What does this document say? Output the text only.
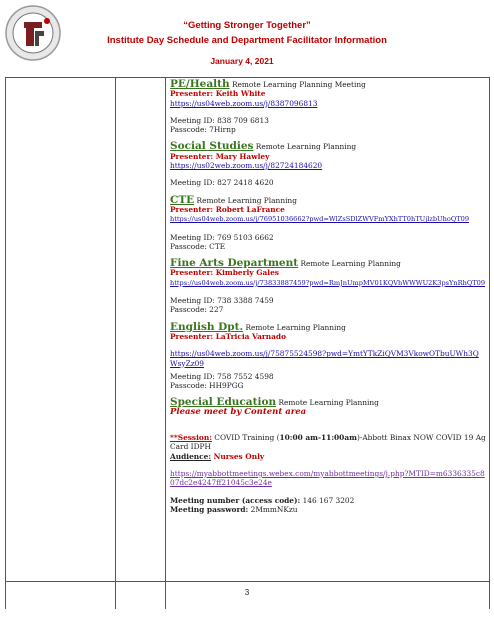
“Getting Stronger Together”
Institute Day Schedule and Department Facilitator Information
January 4, 2021

PE/Health Remote Learning Planning Meeting

Presenter: Keith White

https://us04web.zoom.us/j/8387096813

Meeting ID: 838 709 6813

Passcode: 7Hirnp

Social Studies Remote Learning Planning

Presenter: Mary Hawley

https://us02web.zoom.us/j/82724184620

Meeting ID: 827 2418 4620

CTE Remote Learning Planning

Presenter: Robert LaFrance

https://us04web.zoom.us/j/76951036662?pwd=WlZsSDlZWVFmYXhTT0hTUjlzbUhoQT09

Meeting ID: 769 5103 6662

Passcode: CTE

Fine Arts Department Remote Learning Planning

Presenter: Kimberly Gales

https://us04web.zoom.us/j/73833887459?pwd=RmJnUmpMV01KQVhWWWU2K3psYnRhQT09

Meeting ID: 738 3388 7459

Passcode: 227

English Dpt. Remote Learning Planning

Presenter: LaTricia Varnado

https://us04web.zoom.us/j/75875524598?pwd=YmtYTkZiQVM3VkowOTbuUWh3QWsyZz09

Meeting ID: 758 7552 4598

Passcode: HH9PGG

Special Education Remote Learning Planning

Please meet by Content area

**Session: COVID Training (10:00 am-11:00am)-Abbott Binax NOW COVID 19 Ag Card IDPH

Audience: Nurses Only

https://myabbottmeetings.webex.com/myabbottmeetings/j.php?MTID=m6336335c807dc2e4247ff21045c3e24e

Meeting number (access code): 146 167 3202

Meeting password: 2MmmNKzu

3
